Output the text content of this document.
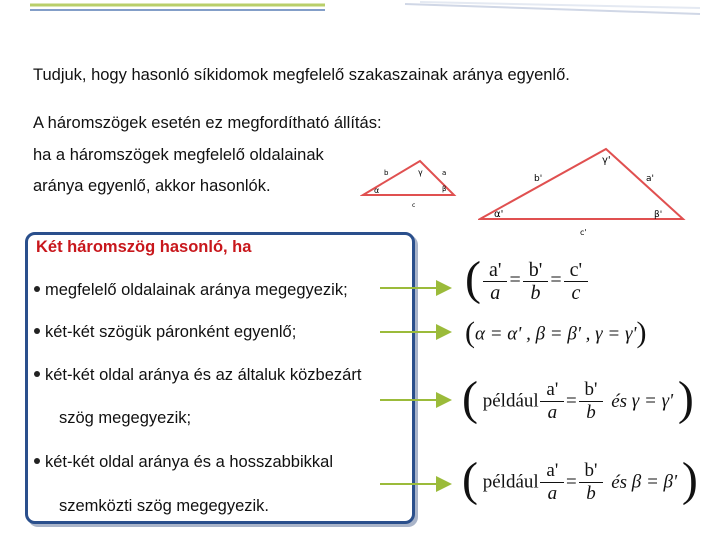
Tudjuk, hogy hasonló síkidomok megfelelő szakaszainak aránya egyenlő.
A háromszögek esetén ez megfordítható állítás:
ha a háromszögek megfelelő oldalainak
aránya egyenlő, akkor hasonlók.
γ	a
b
α	β
c
γ'
a'
b'
α'	β'
c'
Két háromszög hasonló, ha
megfelelő oldalainak aránya megegyezik;
két-két szögük páronként egyenlő;
két-két oldal aránya és az általuk közbezárt
szög megegyezik;
két-két oldal aránya és a hosszabbikkal
szemközti szög megegyezik.
( $\frac{a'}{a} = \frac{b'}{b} = \frac{c'}{c}$
(α = α' , β = β' , γ = γ')
( például $\frac{a'}{a} = \frac{b'}{b}$ és γ = γ' )
( például $\frac{a'}{a} = \frac{b'}{b}$ és β = β' )
